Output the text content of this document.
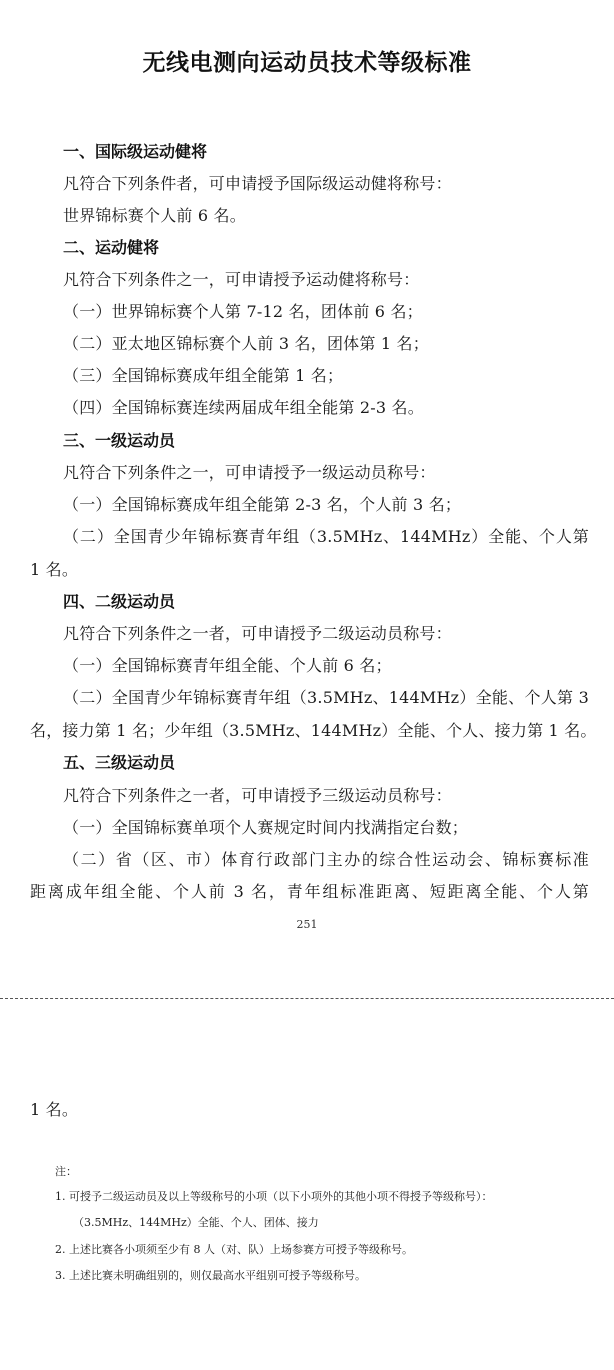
无线电测向运动员技术等级标准
一、国际级运动健将
凡符合下列条件者，可申请授予国际级运动健将称号：
世界锦标赛个人前 6 名。
二、运动健将
凡符合下列条件之一，可申请授予运动健将称号：
（一）世界锦标赛个人第 7-12 名，团体前 6 名；
（二）亚太地区锦标赛个人前 3 名，团体第 1 名；
（三）全国锦标赛成年组全能第 1 名；
（四）全国锦标赛连续两届成年组全能第 2-3 名。
三、一级运动员
凡符合下列条件之一，可申请授予一级运动员称号：
（一）全国锦标赛成年组全能第 2-3 名，个人前 3 名；
（二）全国青少年锦标赛青年组（3.5MHz、144MHz）全能、个人第
1 名。
四、二级运动员
凡符合下列条件之一者，可申请授予二级运动员称号：
（一）全国锦标赛青年组全能、个人前 6 名；
（二）全国青少年锦标赛青年组（3.5MHz、144MHz）全能、个人第 3
名，接力第 1 名；少年组（3.5MHz、144MHz）全能、个人、接力第 1 名。
五、三级运动员
凡符合下列条件之一者，可申请授予三级运动员称号：
（一）全国锦标赛单项个人赛规定时间内找满指定台数；
（二）省（区、市）体育行政部门主办的综合性运动会、锦标赛标准
距离成年组全能、个人前 3 名，青年组标准距离、短距离全能、个人第
251
1 名。
注：
1. 可授予二级运动员及以上等级称号的小项（以下小项外的其他小项不得授予等级称号）：
（3.5MHz、144MHz）全能、个人、团体、接力
2. 上述比赛各小项须至少有 8 人（对、队）上场参赛方可授予等级称号。
3. 上述比赛未明确组别的，则仅最高水平组别可授予等级称号。
